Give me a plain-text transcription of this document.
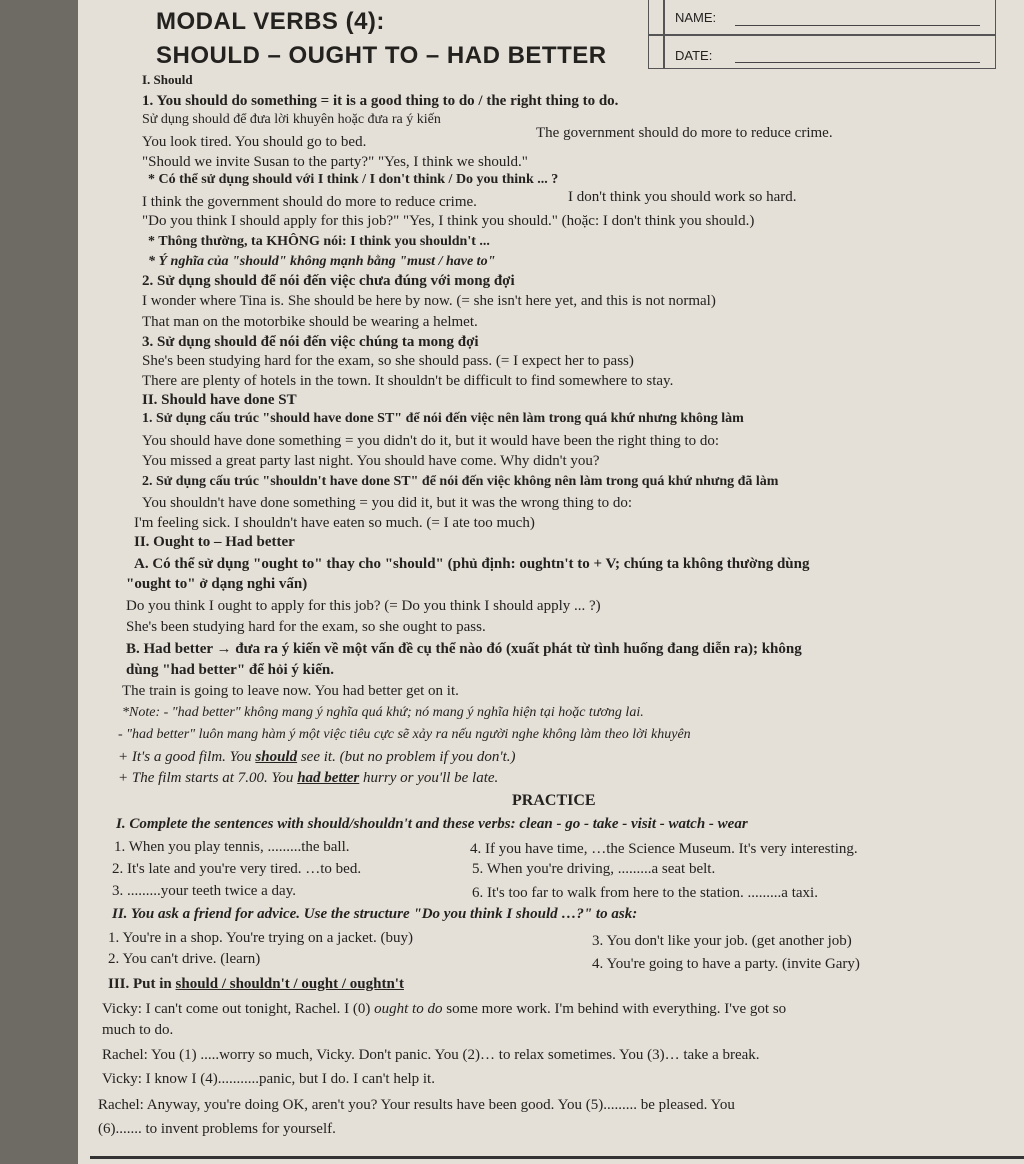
MODAL VERBS (4):
SHOULD – OUGHT TO – HAD BETTER
NAME:
DATE:
I. Should
1. You should do something = it is a good thing to do / the right thing to do.
Sử dụng should để đưa lời khuyên hoặc đưa ra ý kiến
You look tired. You should go to bed.
The government should do more to reduce crime.
"Should we invite Susan to the party?" "Yes, I think we should."
* Có thể sử dụng should với I think / I don't think / Do you think ... ?
I think the government should do more to reduce crime.	I don't think you should work so hard.
"Do you think I should apply for this job?" "Yes, I think you should." (hoặc: I don't think you should.)
* Thông thường, ta KHÔNG nói: I think you shouldn't ...
* Ý nghĩa của "should" không mạnh bằng "must / have to"
2. Sử dụng should để nói đến việc chưa đúng với mong đợi
I wonder where Tina is. She should be here by now. (= she isn't here yet, and this is not normal)
That man on the motorbike should be wearing a helmet.
3. Sử dụng should để nói đến việc chúng ta mong đợi
She's been studying hard for the exam, so she should pass. (= I expect her to pass)
There are plenty of hotels in the town. It shouldn't be difficult to find somewhere to stay.
II. Should have done ST
1. Sử dụng cấu trúc "should have done ST" để nói đến việc nên làm trong quá khứ nhưng không làm
You should have done something = you didn't do it, but it would have been the right thing to do:
You missed a great party last night. You should have come. Why didn't you?
2. Sử dụng cấu trúc "shouldn't have done ST" để nói đến việc không nên làm trong quá khứ nhưng đã làm
You shouldn't have done something = you did it, but it was the wrong thing to do:
I'm feeling sick. I shouldn't have eaten so much. (= I ate too much)
II. Ought to – Had better
A. Có thể sử dụng "ought to" thay cho "should" (phủ định: oughtn't to + V; chúng ta không thường dùng
"ought to" ở dạng nghi vấn)
Do you think I ought to apply for this job? (= Do you think I should apply ... ?)
She's been studying hard for the exam, so she ought to pass.
B. Had better → đưa ra ý kiến về một vấn đề cụ thể nào đó (xuất phát từ tình huống đang diễn ra); không
dùng "had better" để hỏi ý kiến.
The train is going to leave now. You had better get on it.
*Note: - "had better" không mang ý nghĩa quá khứ; nó mang ý nghĩa hiện tại hoặc tương lai.
- "had better" luôn mang hàm ý một việc tiêu cực sẽ xảy ra nếu người nghe không làm theo lời khuyên
+ It's a good film. You should see it. (but no problem if you don't.)
+ The film starts at 7.00. You had better hurry or you'll be late.
PRACTICE
I. Complete the sentences with should/shouldn't and these verbs: clean - go - take - visit - watch - wear
1. When you play tennis, .........the ball.	4. If you have time, …the Science Museum. It's very interesting.
2. It's late and you're very tired. …to bed.	5. When you're driving, .........a seat belt.
3. .........your teeth twice a day.	6. It's too far to walk from here to the station. .........a taxi.
II. You ask a friend for advice. Use the structure "Do you think I should …?" to ask:
1. You're in a shop. You're trying on a jacket. (buy)	3. You don't like your job. (get another job)
2. You can't drive. (learn)	4. You're going to have a party. (invite Gary)
III. Put in should / shouldn't / ought / oughtn't
Vicky: I can't come out tonight, Rachel. I (0) ought to do some more work. I'm behind with everything. I've got so
much to do.
Rachel: You (1) .....worry so much, Vicky. Don't panic. You (2)… to relax sometimes. You (3)… take a break.
Vicky: I know I (4)...........panic, but I do. I can't help it.
Rachel: Anyway, you're doing OK, aren't you? Your results have been good. You (5)......... be pleased. You
(6)....... to invent problems for yourself.
